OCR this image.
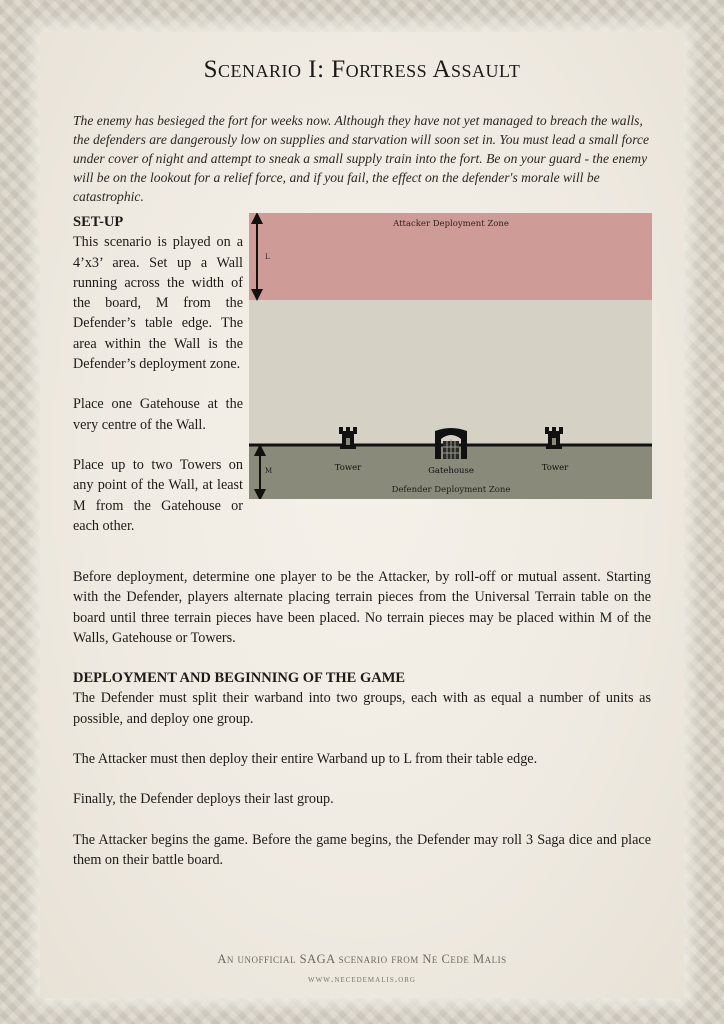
Scenario I: Fortress Assault
The enemy has besieged the fort for weeks now. Although they have not yet managed to breach the walls, the defenders are dangerously low on supplies and starvation will soon set in. You must lead a small force under cover of night and attempt to sneak a small supply train into the fort. Be on your guard - the enemy will be on the lookout for a relief force, and if you fail, the effect on the defender's morale will be catastrophic.
SET-UP

This scenario is played on a 4’x3’ area. Set up a Wall running across the width of the board, M from the Defender’s table edge. The area within the Wall is the Defender’s deployment zone.

Place one Gatehouse at the very centre of the Wall.

Place up to two Towers on any point of the Wall, at least M from the Gatehouse or each other.

L
M
Attacker Deployment Zone
Defender Deployment Zone
Tower	Gatehouse	Tower

Before deployment, determine one player to be the Attacker, by roll-off or mutual assent. Starting with the Defender, players alternate placing terrain pieces from the Universal Terrain table on the board until three terrain pieces have been placed. No terrain pieces may be placed within M of the Walls, Gatehouse or Towers.

DEPLOYMENT AND BEGINNING OF THE GAME

The Defender must split their warband into two groups, each with as equal a number of units as possible, and deploy one group.

The Attacker must then deploy their entire Warband up to L from their table edge.

Finally, the Defender deploys their last group.

The Attacker begins the game. Before the game begins, the Defender may roll 3 Saga dice and place them on their battle board.

An unofficial SAGA scenario from Ne Cede Malis
www.necedemalis.org
